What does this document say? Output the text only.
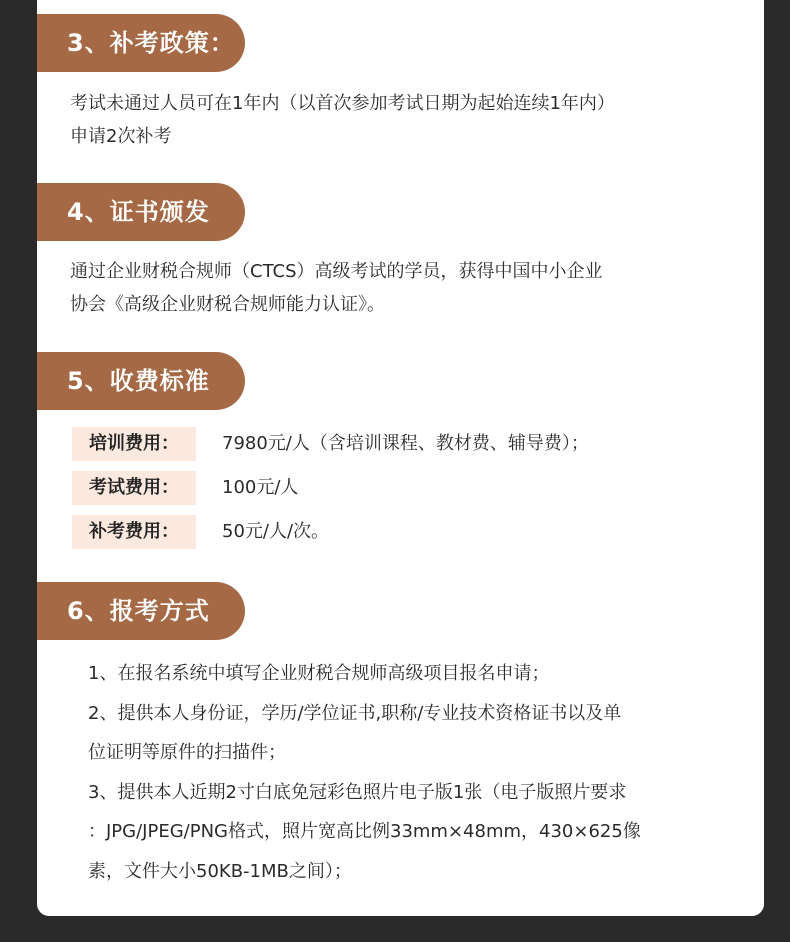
3、补考政策：
考试未通过人员可在1年内（以首次参加考试日期为起始连续1年内）
申请2次补考
4、证书颁发
通过企业财税合规师（CTCS）高级考试的学员，获得中国中小企业
协会《高级企业财税合规师能力认证》。
5、收费标准
培训费用：	7980元/人（含培训课程、教材费、辅导费）；
考试费用：	100元/人
补考费用：	50元/人/次。
6、报考方式
1、在报名系统中填写企业财税合规师高级项目报名申请；
2、提供本人身份证，学历/学位证书,职称/专业技术资格证书以及单
位证明等原件的扫描件；
3、提供本人近期2寸白底免冠彩色照片电子版1张（电子版照片要求
：JPG/JPEG/PNG格式，照片宽高比例33mm×48mm，430×625像
素，文件大小50KB-1MB之间）；
